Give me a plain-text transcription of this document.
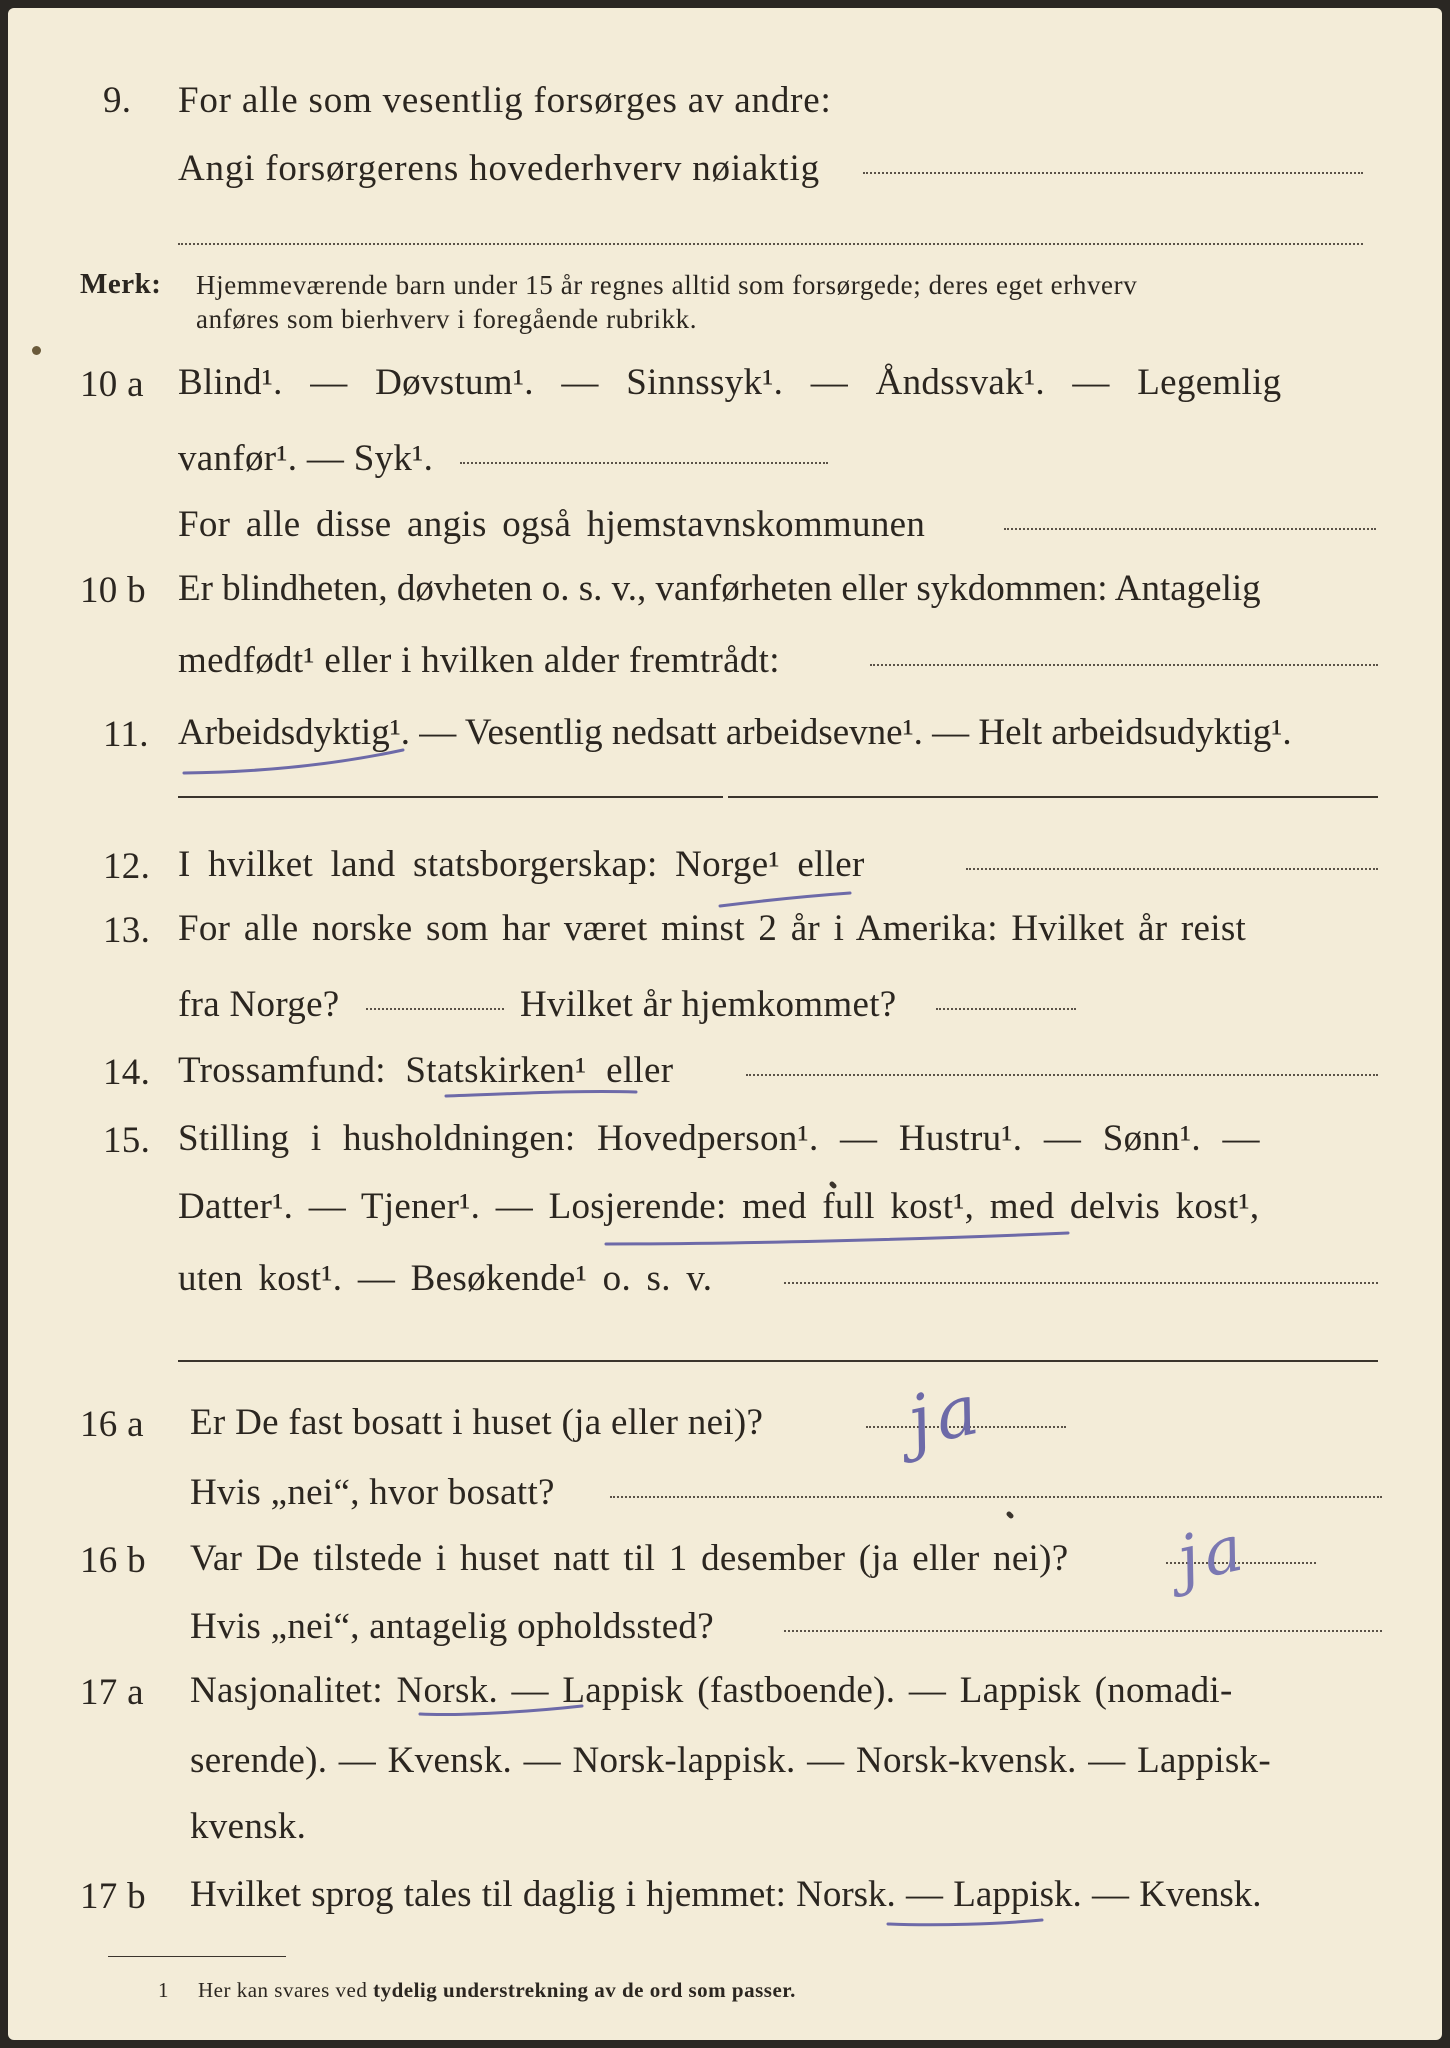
9. For alle som vesentlig forsørges av andre:
Angi forsørgerens hovederhverv nøiaktig
Merk: Hjemmeværende barn under 15 år regnes alltid som forsørgede; deres eget erhverv
anføres som bierhverv i foregående rubrikk.
10 a Blind¹. — Døvstum¹. — Sinnssyk¹. — Åndssvak¹. — Legemlig
vanfør¹. — Syk¹.
For alle disse angis også hjemstavnskommunen
10 b Er blindheten, døvheten o. s. v., vanførheten eller sykdommen: Antagelig
medfødt¹ eller i hvilken alder fremtrådt:
11. Arbeidsdyktig¹. — Vesentlig nedsatt arbeidsevne¹. — Helt arbeidsudyktig¹.
12. I hvilket land statsborgerskap: Norge¹ eller
13. For alle norske som har været minst 2 år i Amerika: Hvilket år reist
fra Norge?	Hvilket år hjemkommet?
14. Trossamfund: Statskirken¹ eller
15. Stilling i husholdningen: Hovedperson¹. — Hustru¹. — Sønn¹. —
Datter¹. — Tjener¹. — Losjerende: med full kost¹, med delvis kost¹,
uten kost¹. — Besøkende¹ o. s. v.
16 a Er De fast bosatt i huset (ja eller nei)?
Hvis „nei“, hvor bosatt?
16 b Var De tilstede i huset natt til 1 desember (ja eller nei)?
Hvis „nei“, antagelig opholdssted?
17 a Nasjonalitet: Norsk. — Lappisk (fastboende). — Lappisk (nomadi-
serende). — Kvensk. — Norsk-lappisk. — Norsk-kvensk. — Lappisk-
kvensk.
17 b Hvilket sprog tales til daglig i hjemmet: Norsk. — Lappisk. — Kvensk.
1 Her kan svares ved tydelig understrekning av de ord som passer.
ja
ja
